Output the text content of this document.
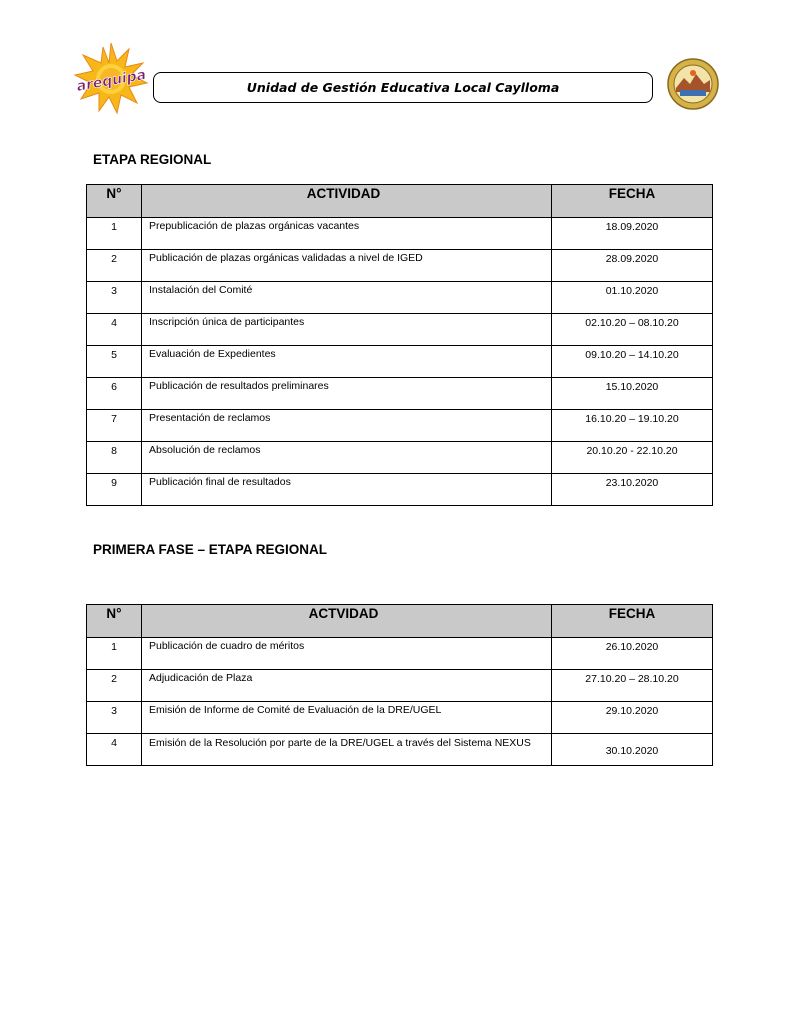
arequipa	Unidad de Gestión Educativa Local Caylloma
ETAPA REGIONAL
N°	ACTIVIDAD	FECHA
1	Prepublicación de plazas orgánicas vacantes	18.09.2020
2	Publicación de plazas orgánicas validadas a nivel de IGED	28.09.2020
3	Instalación del Comité	01.10.2020
4	Inscripción única de participantes	02.10.20 – 08.10.20
5	Evaluación de Expedientes	09.10.20 – 14.10.20
6	Publicación de resultados preliminares	15.10.2020
7	Presentación de reclamos	16.10.20 – 19.10.20
8	Absolución de reclamos	20.10.20 - 22.10.20
9	Publicación final de resultados	23.10.2020
PRIMERA FASE – ETAPA REGIONAL
N°	ACTVIDAD	FECHA
1	Publicación de cuadro de méritos	26.10.2020
2	Adjudicación de Plaza	27.10.20 – 28.10.20
3	Emisión de Informe de Comité de Evaluación de la DRE/UGEL	29.10.2020
4	Emisión de la Resolución por parte de la DRE/UGEL a través del Sistema NEXUS	30.10.2020
